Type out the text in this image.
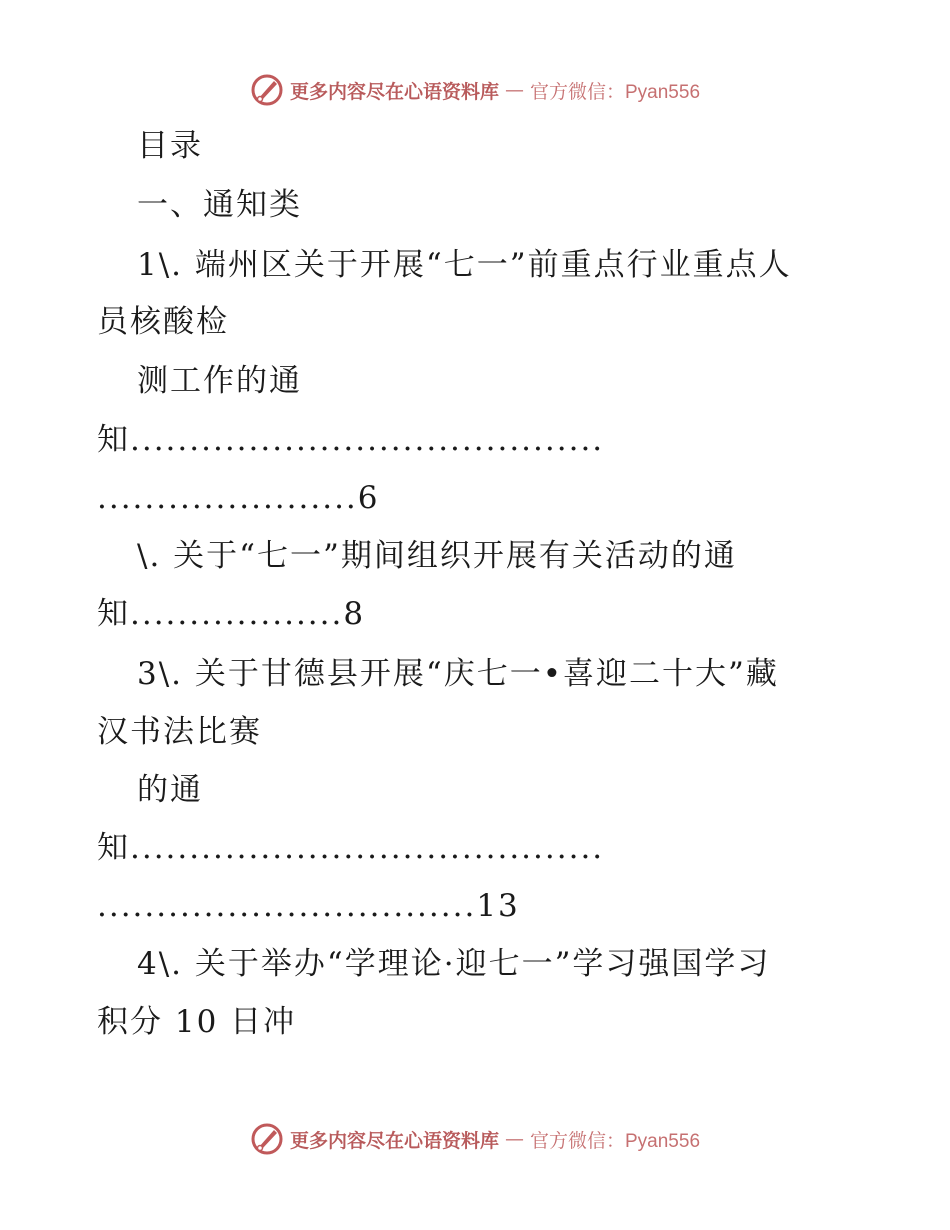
更多内容尽在心语资料库 — 官方微信：Pyan556
目录
一、通知类
1\. 端州区关于开展“七一”前重点行业重点人
员核酸检
测工作的通
知........................................
......................6
\. 关于“七一”期间组织开展有关活动的通
知..................8
3\. 关于甘德县开展“庆七一•喜迎二十大”藏
汉书法比赛
的通
知........................................
................................13
4\. 关于举办“学理论·迎七一”学习强国学习
积分 10 日冲
更多内容尽在心语资料库 — 官方微信：Pyan556
